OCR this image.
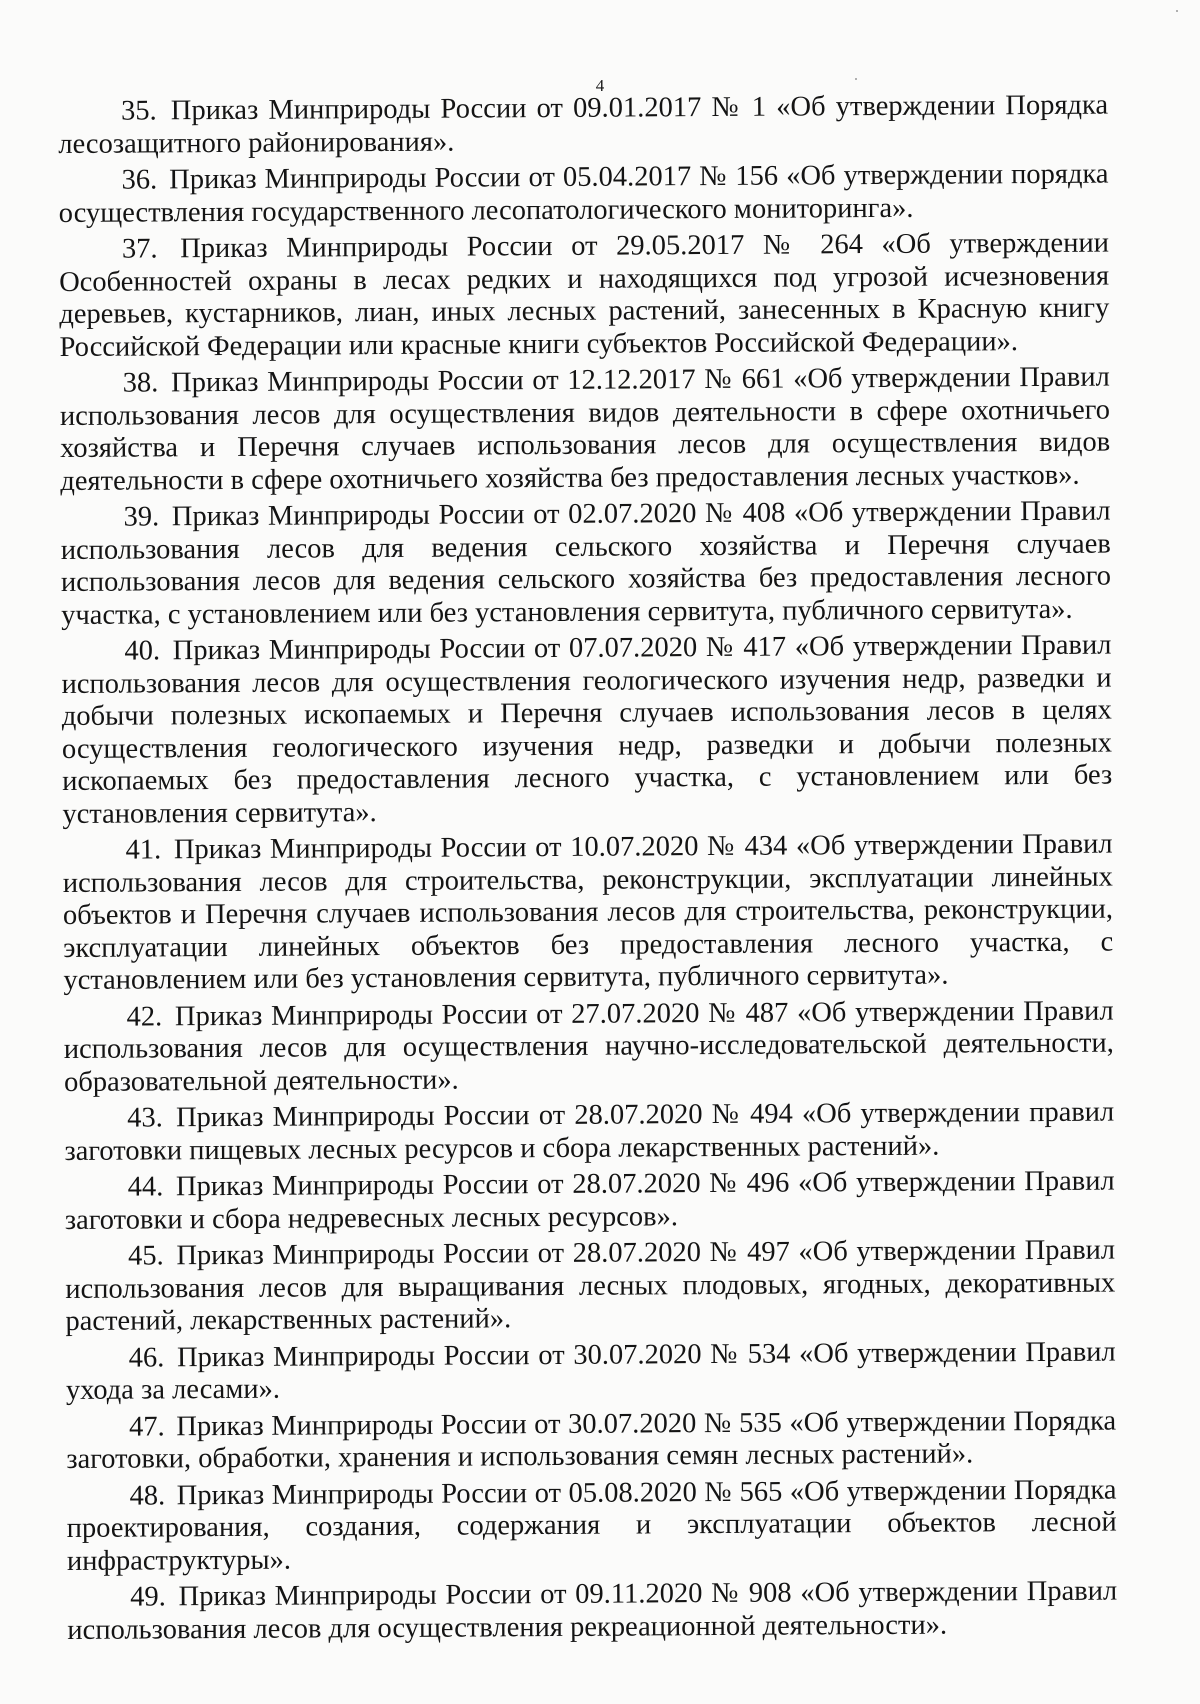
4

35. Приказ Минприроды России от 09.01.2017 № 1 «Об утверждении Порядка лесозащитного районирования».

36. Приказ Минприроды России от 05.04.2017 № 156 «Об утверждении порядка осуществления государственного лесопатологического мониторинга».

37. Приказ Минприроды России от 29.05.2017 № 264 «Об утверждении Особенностей охраны в лесах редких и находящихся под угрозой исчезновения деревьев, кустарников, лиан, иных лесных растений, занесенных в Красную книгу Российской Федерации или красные книги субъектов Российской Федерации».

38. Приказ Минприроды России от 12.12.2017 № 661 «Об утверждении Правил использования лесов для осуществления видов деятельности в сфере охотничьего хозяйства и Перечня случаев использования лесов для осуществления видов деятельности в сфере охотничьего хозяйства без предоставления лесных участков».

39. Приказ Минприроды России от 02.07.2020 № 408 «Об утверждении Правил использования лесов для ведения сельского хозяйства и Перечня случаев использования лесов для ведения сельского хозяйства без предоставления лесного участка, с установлением или без установления сервитута, публичного сервитута».

40. Приказ Минприроды России от 07.07.2020 № 417 «Об утверждении Правил использования лесов для осуществления геологического изучения недр, разведки и добычи полезных ископаемых и Перечня случаев использования лесов в целях осуществления геологического изучения недр, разведки и добычи полезных ископаемых без предоставления лесного участка, с установлением или без установления сервитута».

41. Приказ Минприроды России от 10.07.2020 № 434 «Об утверждении Правил использования лесов для строительства, реконструкции, эксплуатации линейных объектов и Перечня случаев использования лесов для строительства, реконструкции, эксплуатации линейных объектов без предоставления лесного участка, с установлением или без установления сервитута, публичного сервитута».

42. Приказ Минприроды России от 27.07.2020 № 487 «Об утверждении Правил использования лесов для осуществления научно-исследовательской деятельности, образовательной деятельности».

43. Приказ Минприроды России от 28.07.2020 № 494 «Об утверждении правил заготовки пищевых лесных ресурсов и сбора лекарственных растений».

44. Приказ Минприроды России от 28.07.2020 № 496 «Об утверждении Правил заготовки и сбора недревесных лесных ресурсов».

45. Приказ Минприроды России от 28.07.2020 № 497 «Об утверждении Правил использования лесов для выращивания лесных плодовых, ягодных, декоративных растений, лекарственных растений».

46. Приказ Минприроды России от 30.07.2020 № 534 «Об утверждении Правил ухода за лесами».

47. Приказ Минприроды России от 30.07.2020 № 535 «Об утверждении Порядка заготовки, обработки, хранения и использования семян лесных растений».

48. Приказ Минприроды России от 05.08.2020 № 565 «Об утверждении Порядка проектирования, создания, содержания и эксплуатации объектов лесной инфраструктуры».

49. Приказ Минприроды России от 09.11.2020 № 908 «Об утверждении Правил использования лесов для осуществления рекреационной деятельности».
